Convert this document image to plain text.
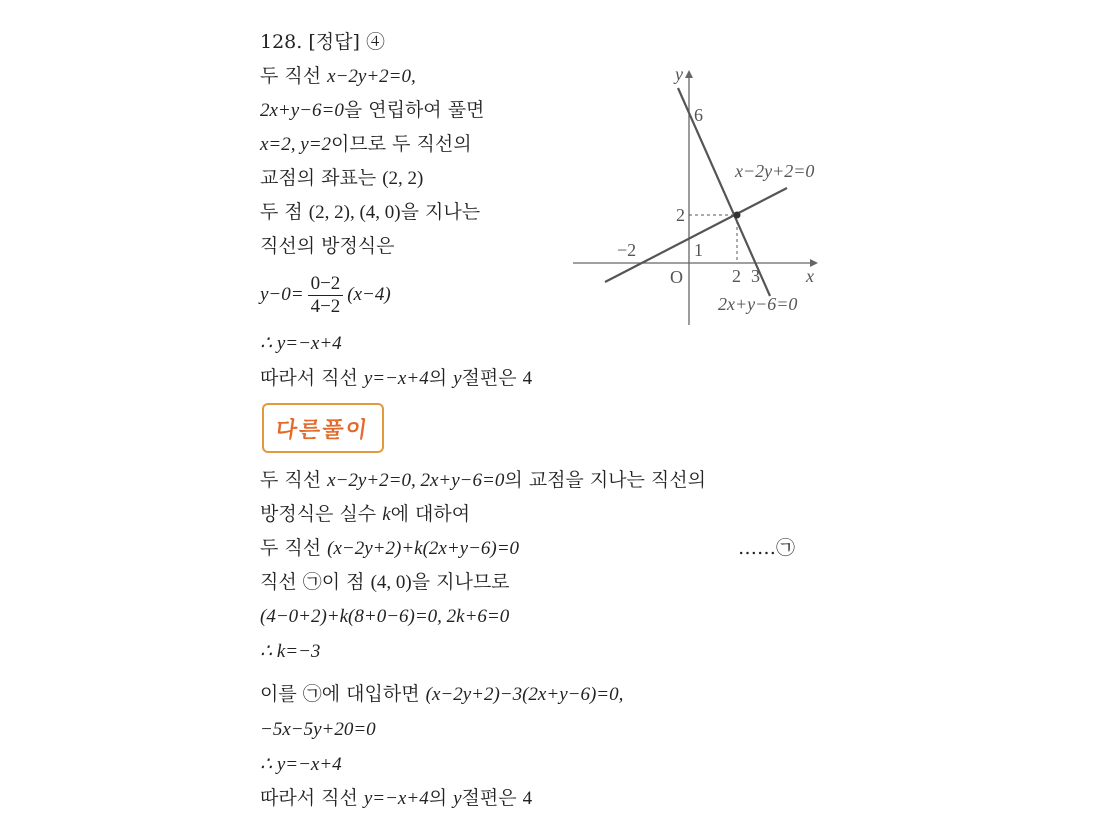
128. [정답] ④
두 직선 x−2y+2=0,
2x+y−6=0을 연립하여 풀면
x=2, y=2이므로 두 직선의
교점의 좌표는 (2, 2)
두 점 (2, 2), (4, 0)을 지나는
직선의 방정식은
$y-0= \frac{0-2}{4-2} (x-4)$
∴ y=−x+4
따라서 직선 y=−x+4의 y절편은 4
다른풀이
두 직선 x−2y+2=0, 2x+y−6=0의 교점을 지나는 직선의
방정식은 실수 k에 대하여
두 직선 (x−2y+2)+k(2x+y−6)=0	……㉠
직선 ㉠이 점 (4, 0)을 지나므로
(4−0+2)+k(8+0−6)=0, 2k+6=0
∴ k=−3
이를 ㉠에 대입하면 (x−2y+2)−3(2x+y−6)=0,
−5x−5y+20=0
∴ y=−x+4
따라서 직선 y=−x+4의 y절편은 4
y
x
O
6
2
1
−2
2 3
x−2y+2=0
2x+y−6=0
